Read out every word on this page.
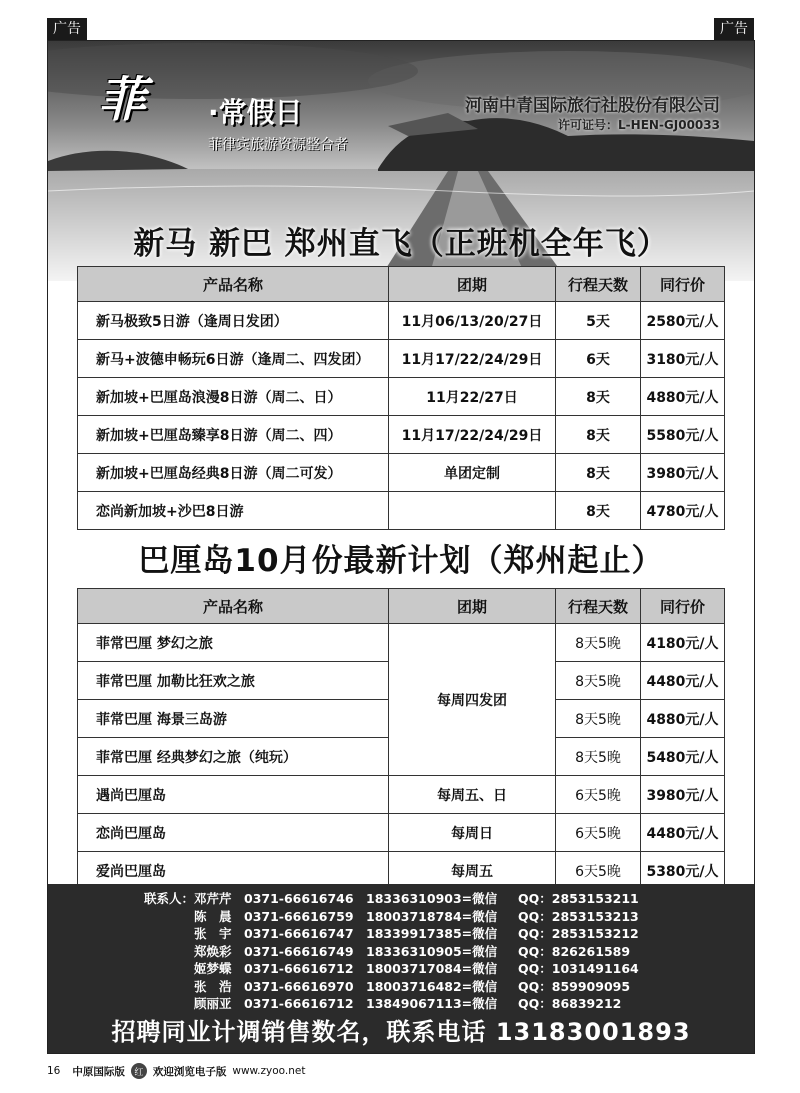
广告	广告
菲 ·常假日
菲律宾旅游资源整合者
河南中青国际旅行社股份有限公司
许可证号：L-HEN-GJ00033
新马 新巴 郑州直飞（正班机全年飞）
产品名称	团期	行程天数	同行价
新马极致5日游（逢周日发团）	11月06/13/20/27日	5天	2580元/人
新马+波德申畅玩6日游（逢周二、四发团）	11月17/22/24/29日	6天	3180元/人
新加坡+巴厘岛浪漫8日游（周二、日）	11月22/27日	8天	4880元/人
新加坡+巴厘岛臻享8日游（周二、四）	11月17/22/24/29日	8天	5580元/人
新加坡+巴厘岛经典8日游（周二可发）	单团定制	8天	3980元/人
恋尚新加坡+沙巴8日游		8天	4780元/人
巴厘岛10月份最新计划（郑州起止）
产品名称	团期	行程天数	同行价
菲常巴厘 梦幻之旅	每周四发团	8天5晚	4180元/人
菲常巴厘 加勒比狂欢之旅		8天5晚	4480元/人
菲常巴厘 海景三岛游		8天5晚	4880元/人
菲常巴厘 经典梦幻之旅（纯玩）		8天5晚	5480元/人
遇尚巴厘岛	每周五、日	6天5晚	3980元/人
恋尚巴厘岛	每周日	6天5晚	4480元/人
爱尚巴厘岛	每周五	6天5晚	5380元/人
联系人： 邓芹芹 0371-66616746 18336310903=微信	QQ：2853153211
陈　晨 0371-66616759 18003718784=微信	QQ：2853153213
张　宇 0371-66616747 18339917385=微信	QQ：2853153212
郑焕彩 0371-66616749 18336310905=微信	QQ：826261589
姬梦蝶 0371-66616712 18003717084=微信	QQ：1031491164
张　浩 0371-66616970 18003716482=微信	QQ：859909095
顾丽亚 0371-66616712 13849067113=微信	QQ：86839212
招聘同业计调销售数名，联系电话 13183001893
16 中原国际版	红 欢迎浏览电子版 www.zyoo.net
